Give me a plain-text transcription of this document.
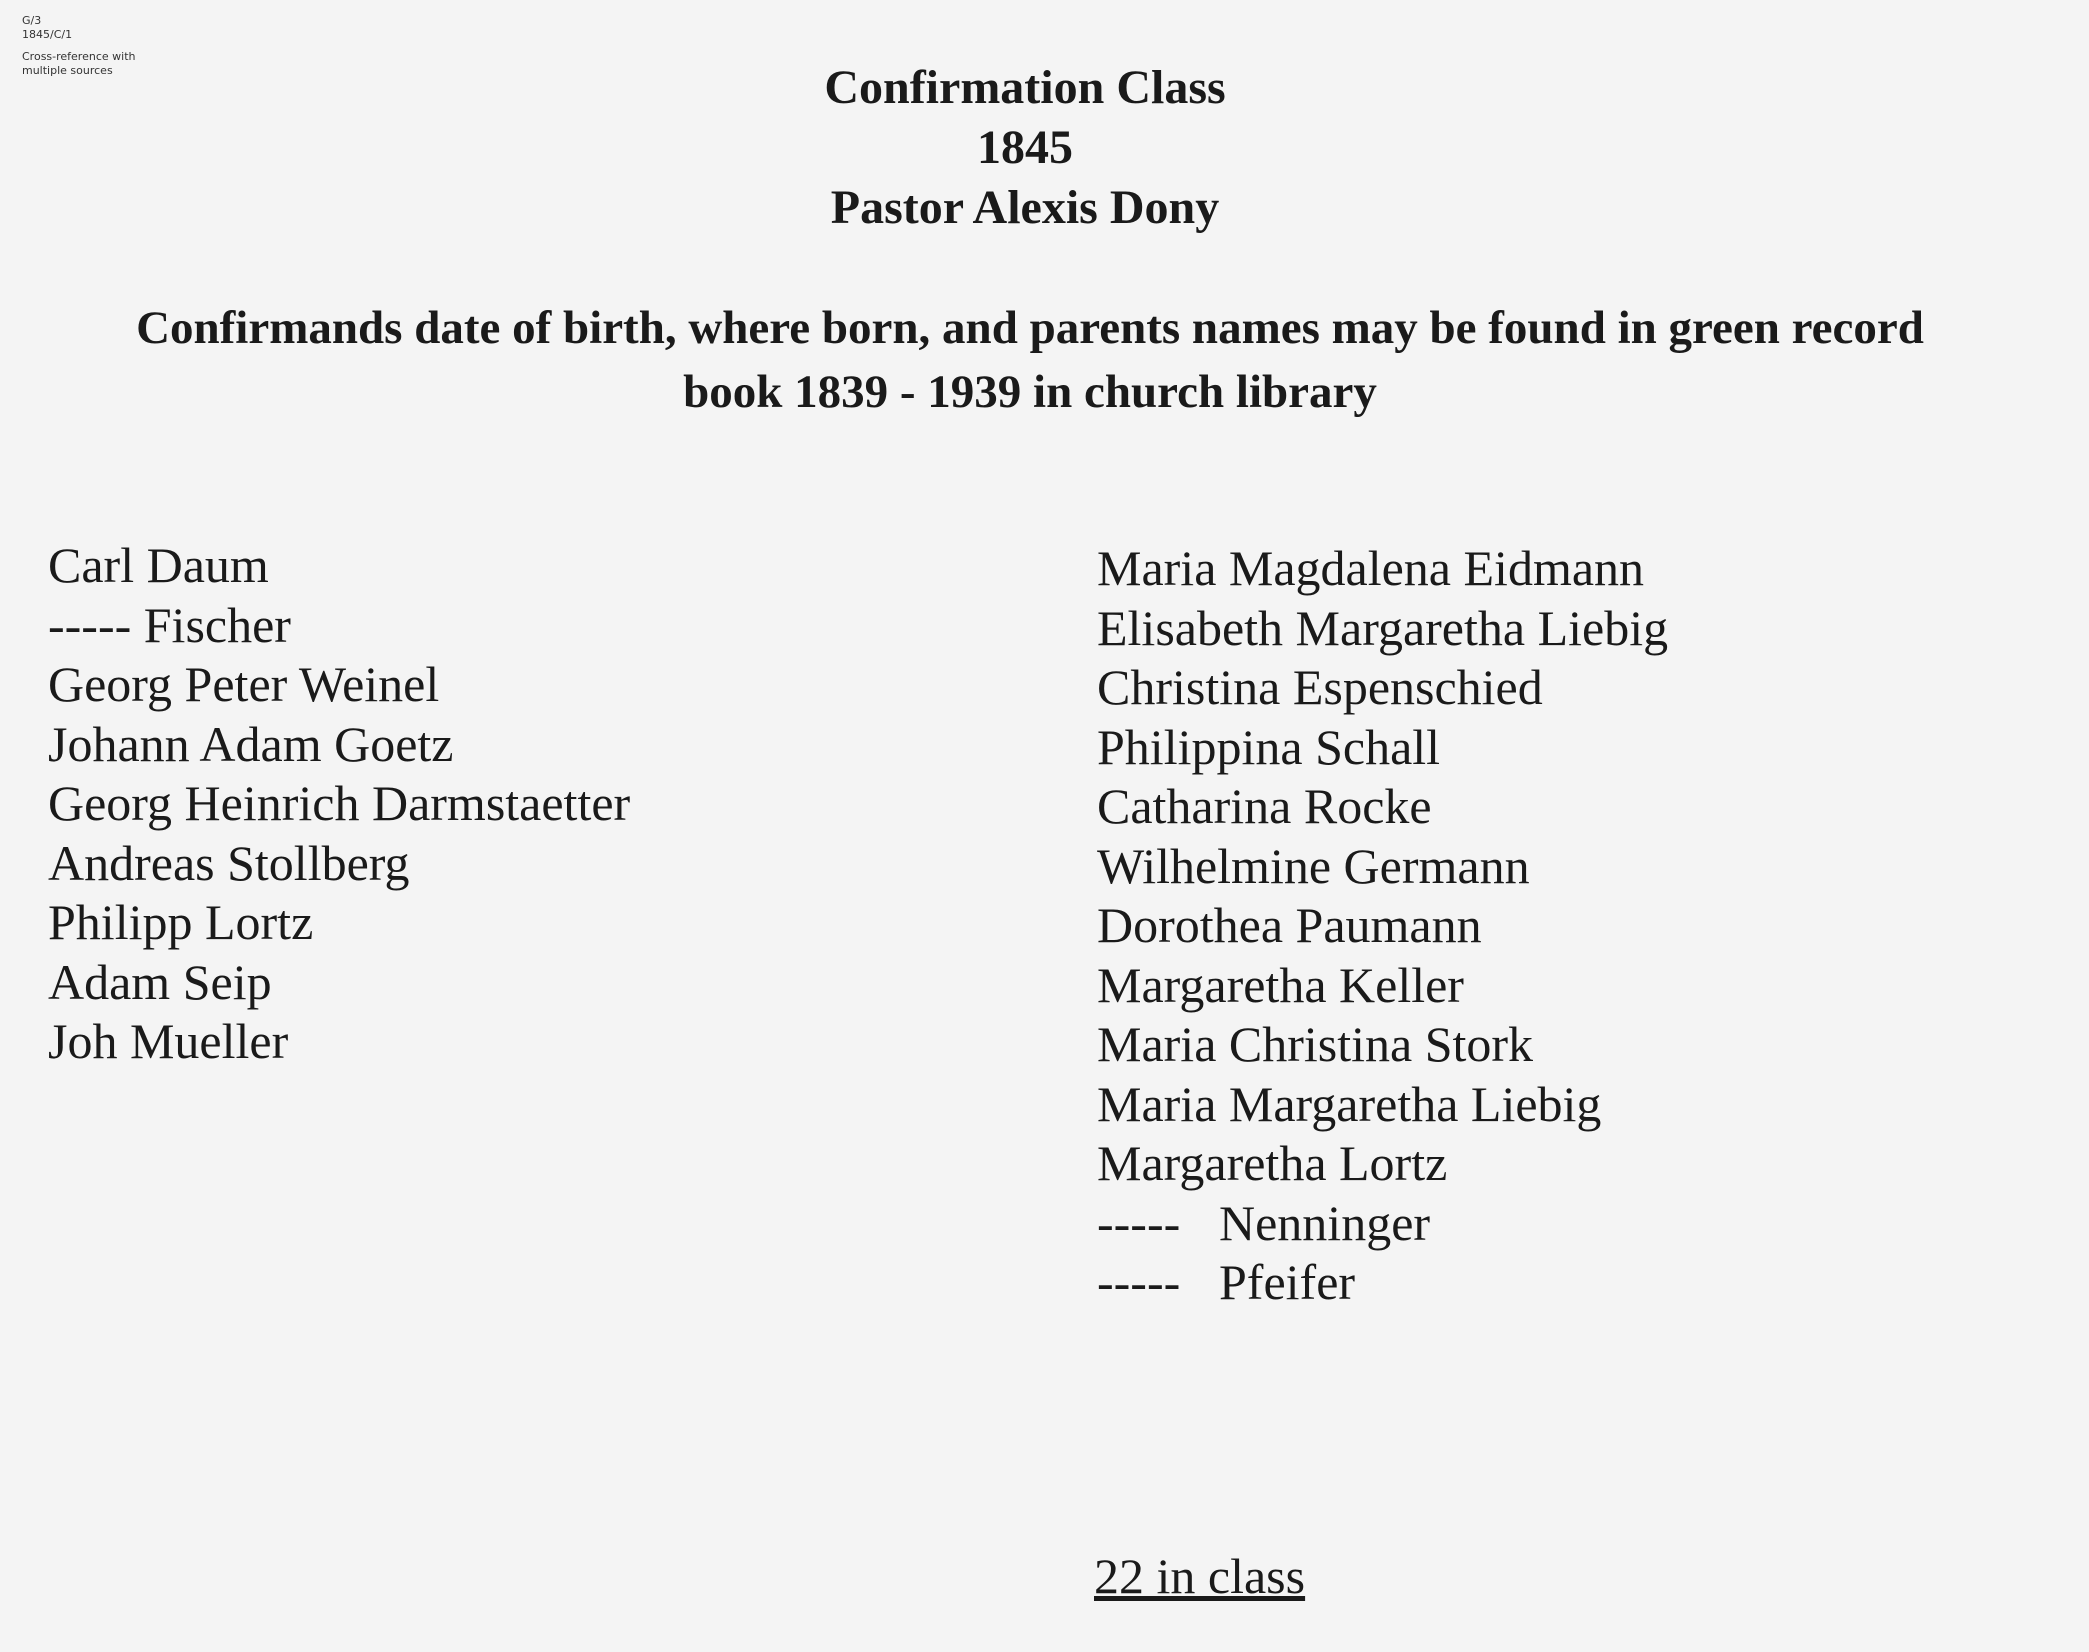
G/3
1845/C/1
Cross-reference with
multiple sources	Confirmation Class
1845
Pastor Alexis Dony
Confirmands date of birth, where born, and parents names may be found in green record
book 1839 - 1939 in church library
Carl Daum
----- Fischer
Georg Peter Weinel
Johann Adam Goetz
Georg Heinrich Darmstaetter
Andreas Stollberg
Philipp Lortz
Adam Seip
Joh Mueller
Maria Magdalena Eidmann
Elisabeth Margaretha Liebig
Christina Espenschied
Philippina Schall
Catharina Rocke
Wilhelmine Germann
Dorothea Paumann
Margaretha Keller
Maria Christina Stork
Maria Margaretha Liebig
Margaretha Lortz
----- Nenninger
----- Pfeifer
22 in class
